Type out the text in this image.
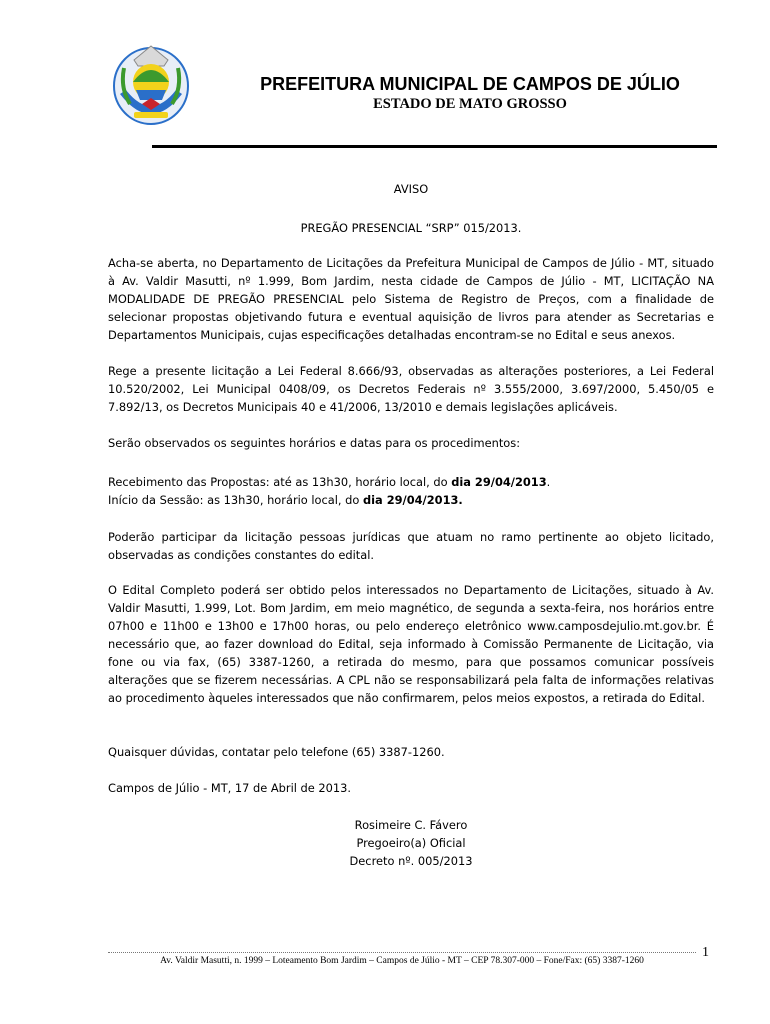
PREFEITURA MUNICIPAL DE CAMPOS DE JÚLIO
ESTADO DE MATO GROSSO
AVISO
PREGÃO PRESENCIAL “SRP” 015/2013.
Acha-se aberta, no Departamento de Licitações da Prefeitura Municipal de Campos de Júlio - MT, situado à Av. Valdir Masutti, nº 1.999, Bom Jardim, nesta cidade de Campos de Júlio - MT, LICITAÇÃO NA MODALIDADE DE PREGÃO PRESENCIAL pelo Sistema de Registro de Preços, com a finalidade de selecionar propostas objetivando futura e eventual aquisição de livros para atender as Secretarias e Departamentos Municipais, cujas especificações detalhadas encontram-se no Edital e seus anexos.
Rege a presente licitação a Lei Federal 8.666/93, observadas as alterações posteriores, a Lei Federal 10.520/2002, Lei Municipal 0408/09, os Decretos Federais nº 3.555/2000, 3.697/2000, 5.450/05 e 7.892/13, os Decretos Municipais 40 e 41/2006, 13/2010 e demais legislações aplicáveis.
Serão observados os seguintes horários e datas para os procedimentos:
Recebimento das Propostas: até as 13h30, horário local, do dia 29/04/2013.
Início da Sessão: as 13h30, horário local, do dia 29/04/2013.
Poderão participar da licitação pessoas jurídicas que atuam no ramo pertinente ao objeto licitado, observadas as condições constantes do edital.
O Edital Completo poderá ser obtido pelos interessados no Departamento de Licitações, situado à Av. Valdir Masutti, 1.999, Lot. Bom Jardim, em meio magnético, de segunda a sexta-feira, nos horários entre 07h00 e 11h00 e 13h00 e 17h00 horas, ou pelo endereço eletrônico www.camposdejulio.mt.gov.br. É necessário que, ao fazer download do Edital, seja informado à Comissão Permanente de Licitação, via fone ou via fax, (65) 3387-1260, a retirada do mesmo, para que possamos comunicar possíveis alterações que se fizerem necessárias. A CPL não se responsabilizará pela falta de informações relativas ao procedimento àqueles interessados que não confirmarem, pelos meios expostos, a retirada do Edital.
Quaisquer dúvidas, contatar pelo telefone (65) 3387-1260.
Campos de Júlio - MT, 17 de Abril de 2013.
Rosimeire C. Fávero
Pregoeiro(a) Oficial
Decreto nº. 005/2013
Av. Valdir Masutti, n. 1999 – Loteamento Bom Jardim – Campos de Júlio - MT – CEP 78.307-000 – Fone/Fax: (65) 3387-1260
1
